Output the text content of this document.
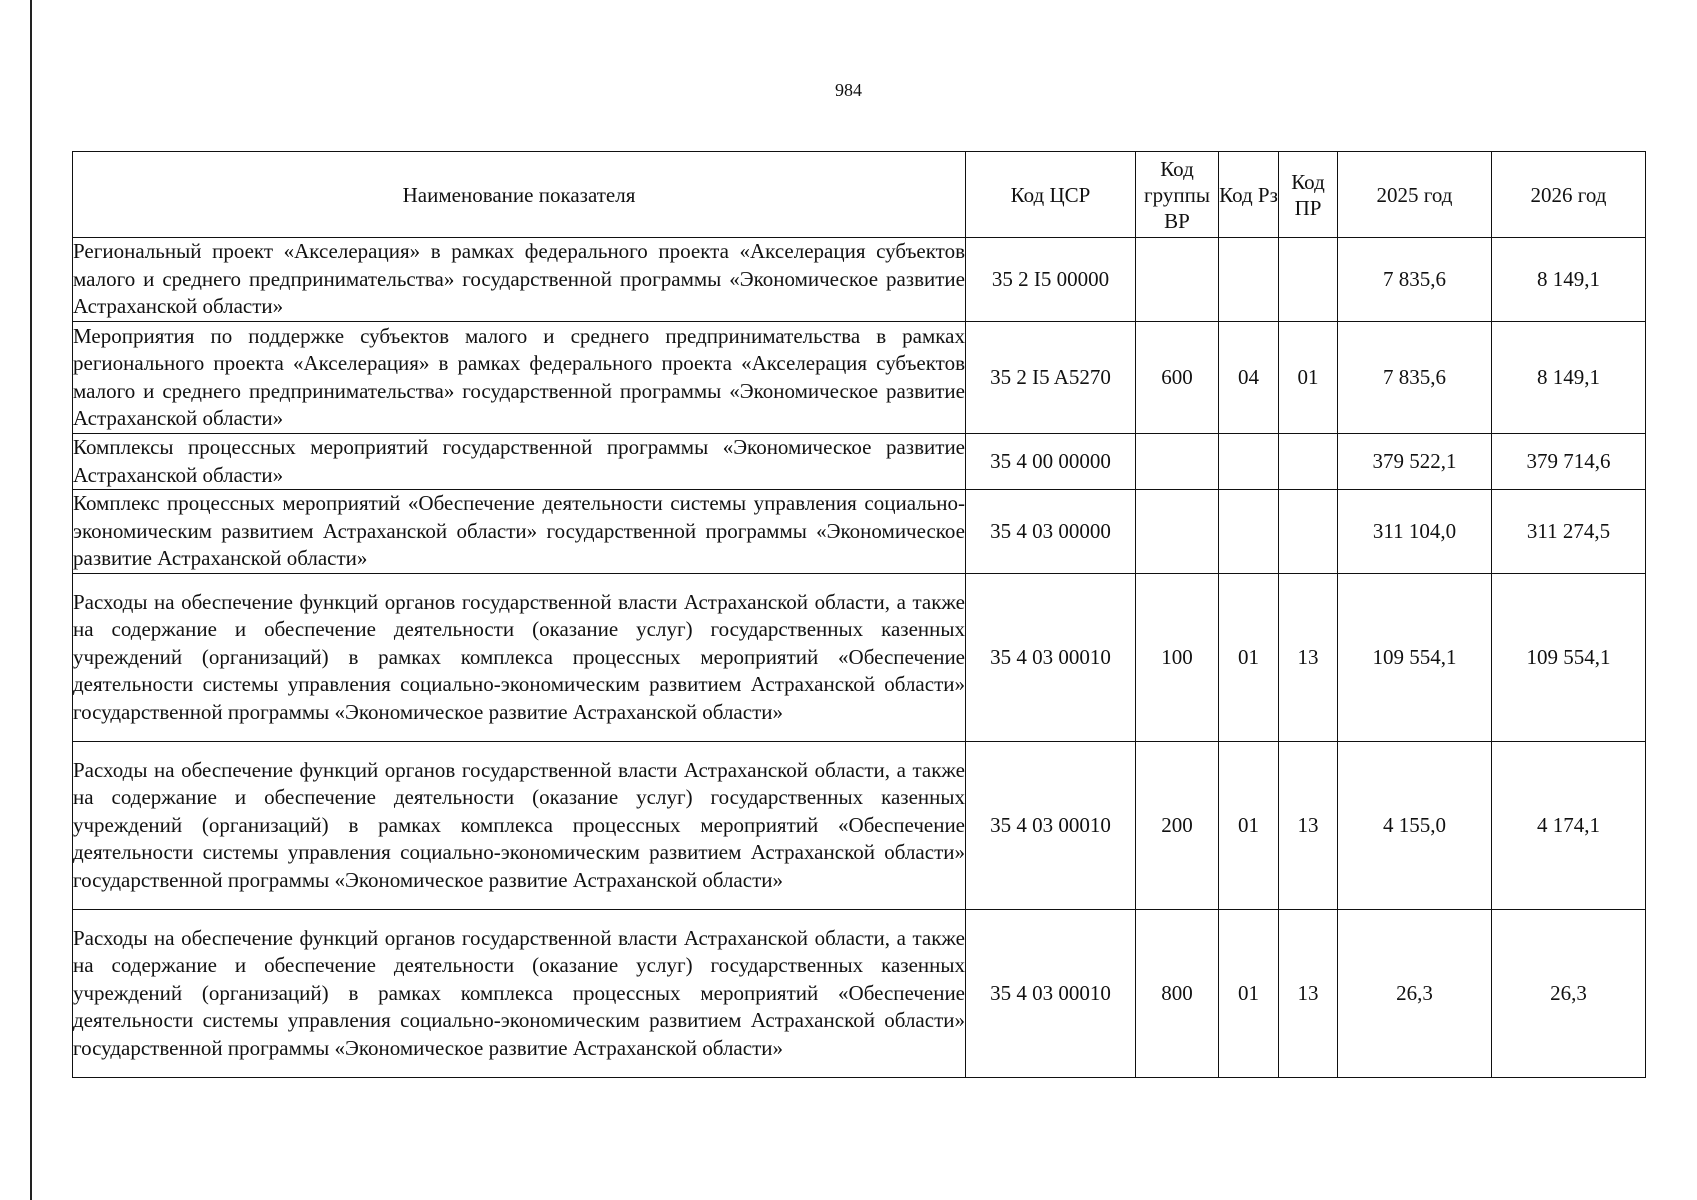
984
Наименование показателя	Код ЦСР	Код группы ВР	Код Рз	Код ПР	2025 год	2026 год
Региональный проект «Акселерация» в рамках федерального проекта «Акселерация субъектов малого и среднего предпринимательства» государственной программы «Экономическое развитие Астраханской области»	35 2 I5 00000				7 835,6	8 149,1
Мероприятия по поддержке субъектов малого и среднего предпринимательства в рамках регионального проекта «Акселерация» в рамках федерального проекта «Акселерация субъектов малого и среднего предпринимательства» государственной программы «Экономическое развитие Астраханской области»	35 2 I5 A5270	600	04	01	7 835,6	8 149,1
Комплексы процессных мероприятий государственной программы «Экономическое развитие Астраханской области»	35 4 00 00000				379 522,1	379 714,6
Комплекс процессных мероприятий «Обеспечение деятельности системы управления социально-экономическим развитием Астраханской области» государственной программы «Экономическое развитие Астраханской области»	35 4 03 00000				311 104,0	311 274,5
Расходы на обеспечение функций органов государственной власти Астраханской области, а также на содержание и обеспечение деятельности (оказание услуг) государственных казенных учреждений (организаций) в рамках комплекса процессных мероприятий «Обеспечение деятельности системы управления социально-экономическим развитием Астраханской области» государственной программы «Экономическое развитие Астраханской области»	35 4 03 00010	100	01	13	109 554,1	109 554,1
Расходы на обеспечение функций органов государственной власти Астраханской области, а также на содержание и обеспечение деятельности (оказание услуг) государственных казенных учреждений (организаций) в рамках комплекса процессных мероприятий «Обеспечение деятельности системы управления социально-экономическим развитием Астраханской области» государственной программы «Экономическое развитие Астраханской области»	35 4 03 00010	200	01	13	4 155,0	4 174,1
Расходы на обеспечение функций органов государственной власти Астраханской области, а также на содержание и обеспечение деятельности (оказание услуг) государственных казенных учреждений (организаций) в рамках комплекса процессных мероприятий «Обеспечение деятельности системы управления социально-экономическим развитием Астраханской области» государственной программы «Экономическое развитие Астраханской области»	35 4 03 00010	800	01	13	26,3	26,3
